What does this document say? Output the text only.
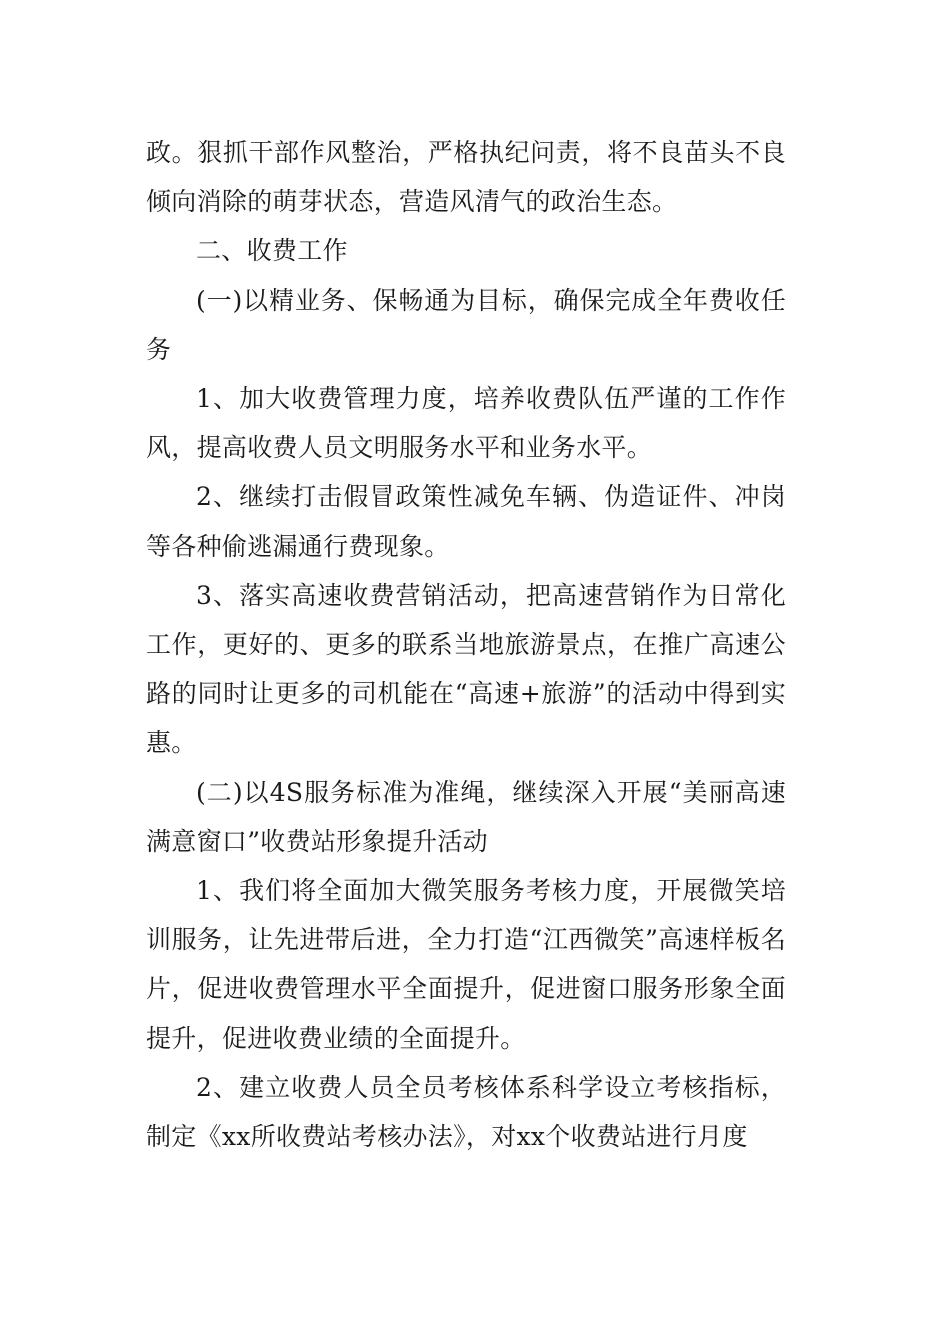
政。狠抓干部作风整治，严格执纪问责，将不良苗头不良倾向消除的萌芽状态，营造风清气的政治生态。

二、收费工作

(一)以精业务、保畅通为目标，确保完成全年费收任务

1、加大收费管理力度，培养收费队伍严谨的工作作风，提高收费人员文明服务水平和业务水平。

2、继续打击假冒政策性减免车辆、伪造证件、冲岗等各种偷逃漏通行费现象。

3、落实高速收费营销活动，把高速营销作为日常化工作，更好的、更多的联系当地旅游景点，在推广高速公路的同时让更多的司机能在“高速+旅游”的活动中得到实惠。

(二)以4S服务标准为准绳，继续深入开展“美丽高速 满意窗口”收费站形象提升活动

1、我们将全面加大微笑服务考核力度，开展微笑培训服务，让先进带后进，全力打造“江西微笑”高速样板名片，促进收费管理水平全面提升，促进窗口服务形象全面提升，促进收费业绩的全面提升。

2、建立收费人员全员考核体系科学设立考核指标，制定《xx所收费站考核办法》，对xx个收费站进行月度
